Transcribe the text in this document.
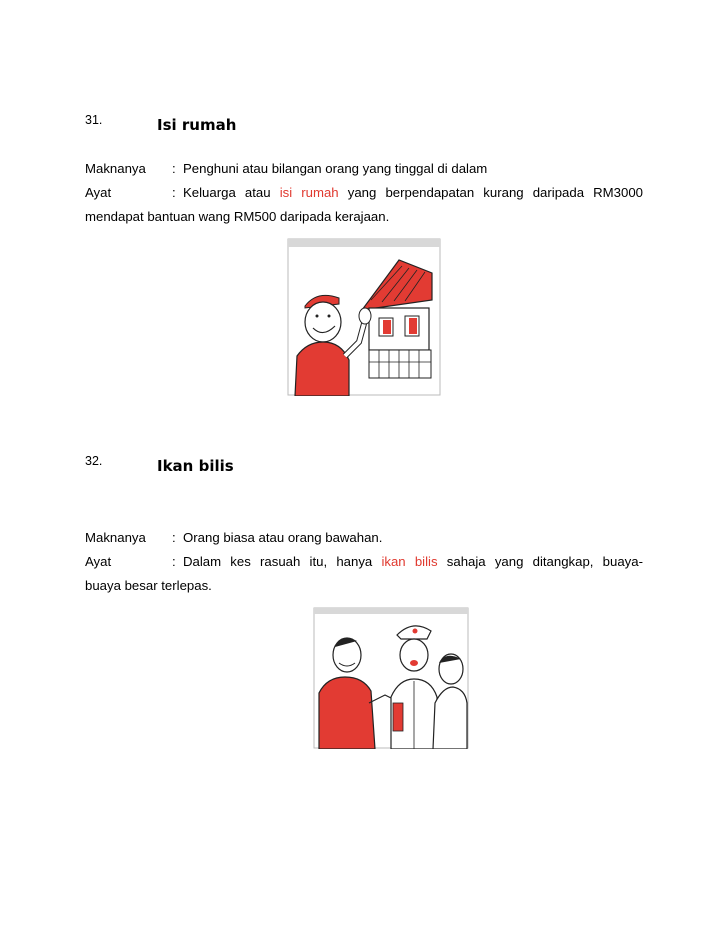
31.	Isi rumah
Maknanya : Penghuni atau bilangan orang yang tinggal di dalam
Ayat	: Keluarga atau isi rumah yang berpendapatan kurang daripada RM3000
mendapat bantuan wang RM500 daripada kerajaan.
32.	Ikan bilis
Maknanya : Orang biasa atau orang bawahan.
Ayat	: Dalam kes rasuah itu, hanya ikan bilis sahaja yang ditangkap, buaya-
buaya besar terlepas.
